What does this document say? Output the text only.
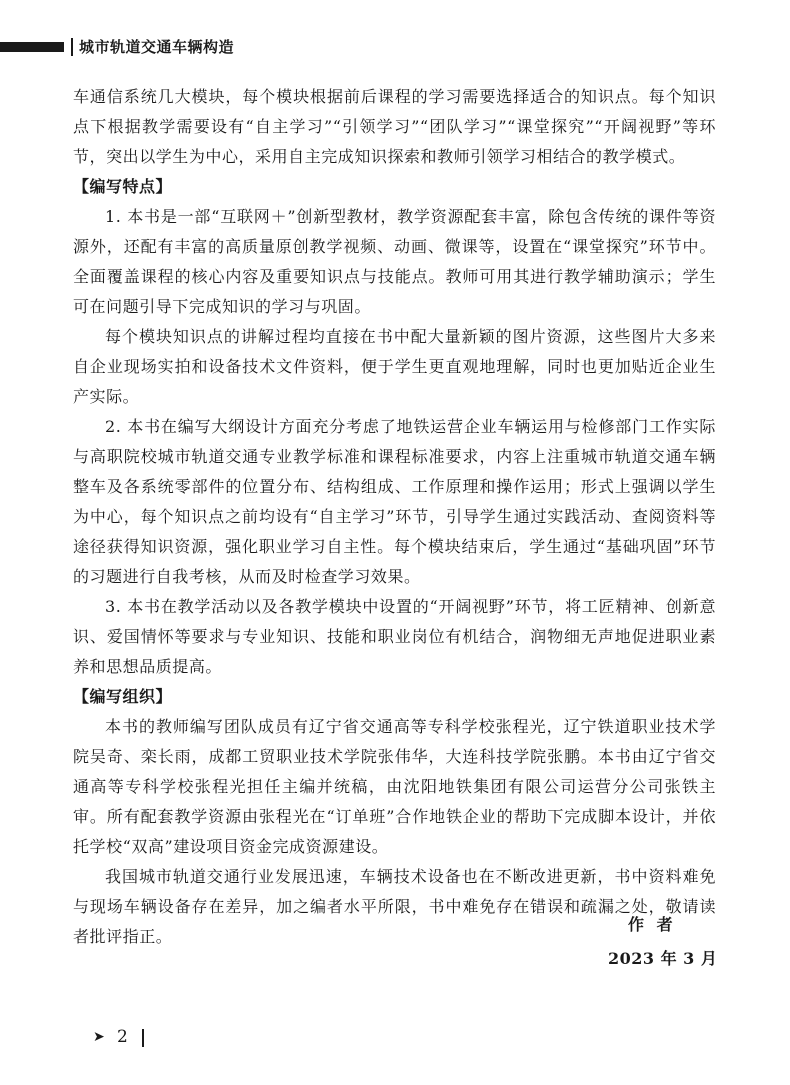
城市轨道交通车辆构造

车通信系统几大模块，每个模块根据前后课程的学习需要选择适合的知识点。每个知识点下根据教学需要设有“自主学习”“引领学习”“团队学习”“课堂探究”“开阔视野”等环节，突出以学生为中心，采用自主完成知识探索和教师引领学习相结合的教学模式。

【编写特点】

1. 本书是一部“互联网＋”创新型教材，教学资源配套丰富，除包含传统的课件等资源外，还配有丰富的高质量原创教学视频、动画、微课等，设置在“课堂探究”环节中。全面覆盖课程的核心内容及重要知识点与技能点。教师可用其进行教学辅助演示；学生可在问题引导下完成知识的学习与巩固。

每个模块知识点的讲解过程均直接在书中配大量新颖的图片资源，这些图片大多来自企业现场实拍和设备技术文件资料，便于学生更直观地理解，同时也更加贴近企业生产实际。

2. 本书在编写大纲设计方面充分考虑了地铁运营企业车辆运用与检修部门工作实际与高职院校城市轨道交通专业教学标准和课程标准要求，内容上注重城市轨道交通车辆整车及各系统零部件的位置分布、结构组成、工作原理和操作运用；形式上强调以学生为中心，每个知识点之前均设有“自主学习”环节，引导学生通过实践活动、查阅资料等途径获得知识资源，强化职业学习自主性。每个模块结束后，学生通过“基础巩固”环节的习题进行自我考核，从而及时检查学习效果。

3. 本书在教学活动以及各教学模块中设置的“开阔视野”环节，将工匠精神、创新意识、爱国情怀等要求与专业知识、技能和职业岗位有机结合，润物细无声地促进职业素养和思想品质提高。

【编写组织】

本书的教师编写团队成员有辽宁省交通高等专科学校张程光，辽宁铁道职业技术学院吴奇、栾长雨，成都工贸职业技术学院张伟华，大连科技学院张鹏。本书由辽宁省交通高等专科学校张程光担任主编并统稿，由沈阳地铁集团有限公司运营分公司张铁主审。所有配套教学资源由张程光在“订单班”合作地铁企业的帮助下完成脚本设计，并依托学校“双高”建设项目资金完成资源建设。

我国城市轨道交通行业发展迅速，车辆技术设备也在不断改进更新，书中资料难免与现场车辆设备存在差异，加之编者水平所限，书中难免存在错误和疏漏之处，敬请读者批评指正。

作  者
2023 年 3 月
➤ 2
